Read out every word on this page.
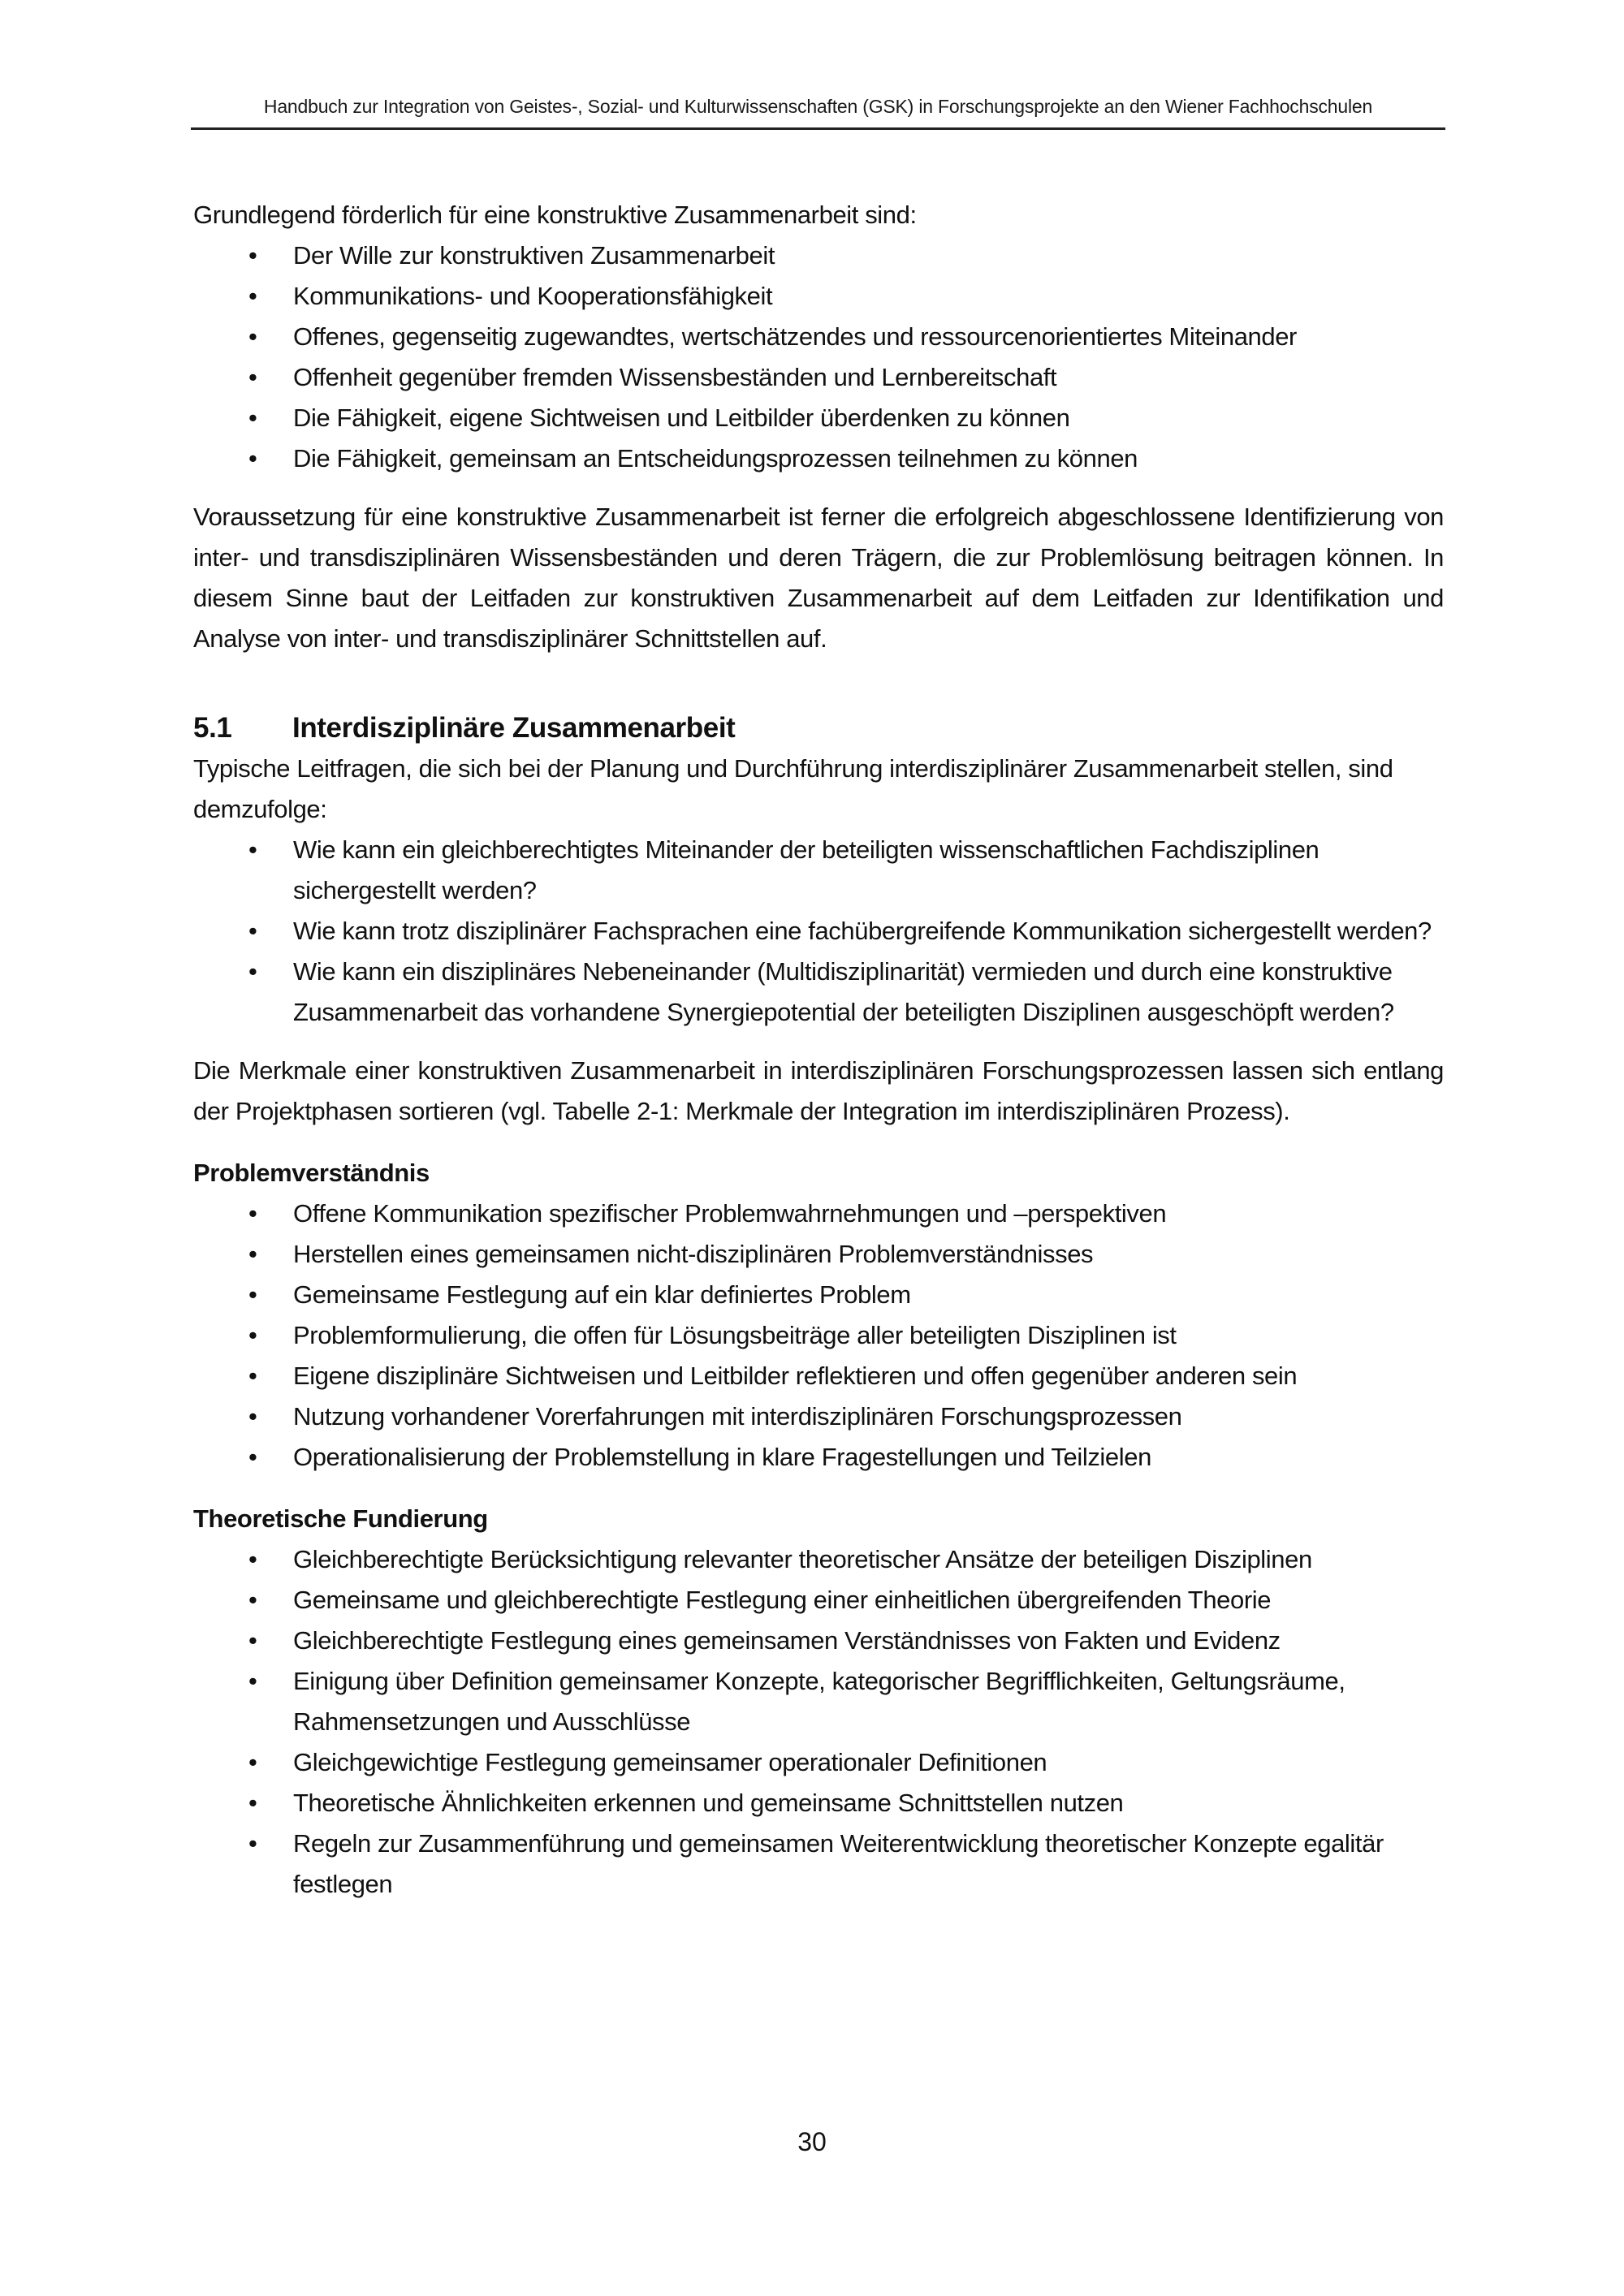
Handbuch zur Integration von Geistes-, Sozial- und Kulturwissenschaften (GSK) in Forschungsprojekte an den Wiener Fachhochschulen

Grundlegend förderlich für eine konstruktive Zusammenarbeit sind:

• Der Wille zur konstruktiven Zusammenarbeit
• Kommunikations- und Kooperationsfähigkeit
• Offenes, gegenseitig zugewandtes, wertschätzendes und ressourcenorientiertes Miteinander
• Offenheit gegenüber fremden Wissensbeständen und Lernbereitschaft
• Die Fähigkeit, eigene Sichtweisen und Leitbilder überdenken zu können
• Die Fähigkeit, gemeinsam an Entscheidungsprozessen teilnehmen zu können

Voraussetzung für eine konstruktive Zusammenarbeit ist ferner die erfolgreich abgeschlossene Identifizierung von inter- und transdisziplinären Wissensbeständen und deren Trägern, die zur Problemlösung beitragen können. In diesem Sinne baut der Leitfaden zur konstruktiven Zusammenarbeit auf dem Leitfaden zur Identifikation und Analyse von inter- und transdisziplinärer Schnittstellen auf.

5.1	Interdisziplinäre Zusammenarbeit

Typische Leitfragen, die sich bei der Planung und Durchführung interdisziplinärer Zusammenarbeit stellen, sind demzufolge:

• Wie kann ein gleichberechtigtes Miteinander der beteiligten wissenschaftlichen Fachdisziplinen sichergestellt werden?
• Wie kann trotz disziplinärer Fachsprachen eine fachübergreifende Kommunikation sichergestellt werden?
• Wie kann ein disziplinäres Nebeneinander (Multidisziplinarität) vermieden und durch eine konstruktive Zusammenarbeit das vorhandene Synergiepotential der beteiligten Disziplinen ausgeschöpft werden?

Die Merkmale einer konstruktiven Zusammenarbeit in interdisziplinären Forschungsprozessen lassen sich entlang der Projektphasen sortieren (vgl. Tabelle 2-1: Merkmale der Integration im interdisziplinären Prozess).

Problemverständnis
• Offene Kommunikation spezifischer Problemwahrnehmungen und –perspektiven
• Herstellen eines gemeinsamen nicht-disziplinären Problemverständnisses
• Gemeinsame Festlegung auf ein klar definiertes Problem
• Problemformulierung, die offen für Lösungsbeiträge aller beteiligten Disziplinen ist
• Eigene disziplinäre Sichtweisen und Leitbilder reflektieren und offen gegenüber anderen sein
• Nutzung vorhandener Vorerfahrungen mit interdisziplinären Forschungsprozessen
• Operationalisierung der Problemstellung in klare Fragestellungen und Teilzielen
Theoretische Fundierung
• Gleichberechtigte Berücksichtigung relevanter theoretischer Ansätze der beteiligen Disziplinen
• Gemeinsame und gleichberechtigte Festlegung einer einheitlichen übergreifenden Theorie
• Gleichberechtigte Festlegung eines gemeinsamen Verständnisses von Fakten und Evidenz
• Einigung über Definition gemeinsamer Konzepte, kategorischer Begrifflichkeiten, Geltungsräume, Rahmensetzungen und Ausschlüsse
• Gleichgewichtige Festlegung gemeinsamer operationaler Definitionen
• Theoretische Ähnlichkeiten erkennen und gemeinsame Schnittstellen nutzen
• Regeln zur Zusammenführung und gemeinsamen Weiterentwicklung theoretischer Konzepte egalitär festlegen
30
